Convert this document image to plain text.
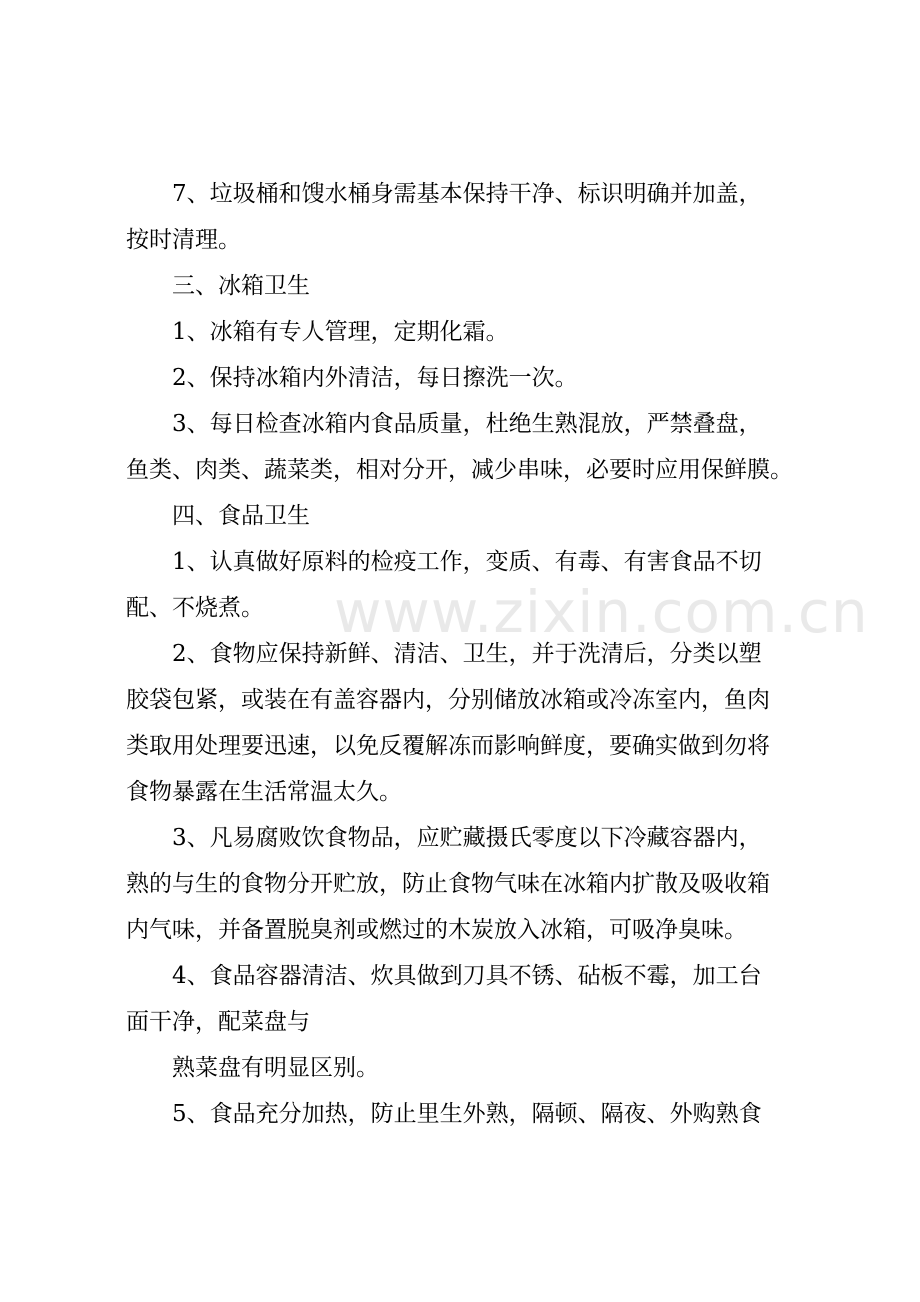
www.zixin.com.cn
7、垃圾桶和馊水桶身需基本保持干净、标识明确并加盖，
按时清理。
三、冰箱卫生
1、冰箱有专人管理，定期化霜。
2、保持冰箱内外清洁，每日擦洗一次。
3、每日检查冰箱内食品质量，杜绝生熟混放，严禁叠盘，
鱼类、肉类、蔬菜类，相对分开，减少串味，必要时应用保鲜膜。
四、食品卫生
1、认真做好原料的检疫工作，变质、有毒、有害食品不切
配、不烧煮。
2、食物应保持新鲜、清洁、卫生，并于洗清后，分类以塑
胶袋包紧，或装在有盖容器内，分别储放冰箱或冷冻室内，鱼肉
类取用处理要迅速，以免反覆解冻而影响鲜度，要确实做到勿将
食物暴露在生活常温太久。
3、凡易腐败饮食物品，应贮藏摄氏零度以下冷藏容器内，
熟的与生的食物分开贮放，防止食物气味在冰箱内扩散及吸收箱
内气味，并备置脱臭剂或燃过的木炭放入冰箱，可吸净臭味。
4、食品容器清洁、炊具做到刀具不锈、砧板不霉，加工台
面干净，配菜盘与
熟菜盘有明显区别。
5、食品充分加热，防止里生外熟，隔顿、隔夜、外购熟食
